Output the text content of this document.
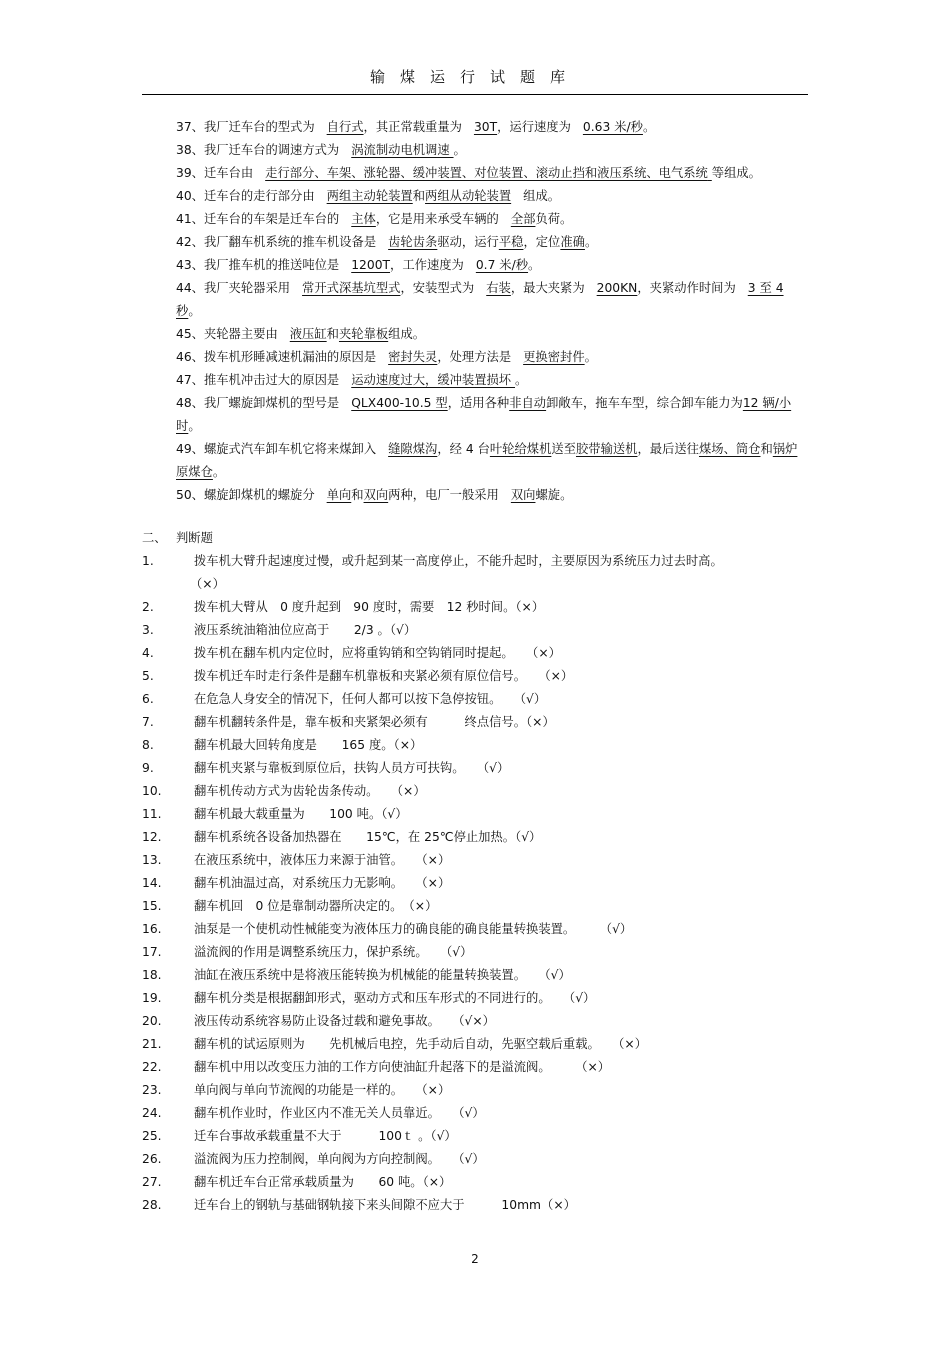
输煤运行试题库
37、我厂迁车台的型式为 自行式，其正常载重量为 30T，运行速度为 0.63 米/秒。
38、我厂迁车台的调速方式为 涡流制动电机调速 。
39、迁车台由 走行部分、车架、涨轮器、缓冲装置、对位装置、滚动止挡和液压系统、电气系统 等组成。
40、迁车台的走行部分由 两组主动轮装置和两组从动轮装置 组成。
41、迁车台的车架是迁车台的 主体，它是用来承受车辆的 全部负荷。
42、我厂翻车机系统的推车机设备是 齿轮齿条驱动，运行平稳，定位准确。
43、我厂推车机的推送吨位是 1200T，工作速度为 0.7 米/秒。
44、我厂夹轮器采用 常开式深基坑型式，安装型式为 右装，最大夹紧为 200KN，夹紧动作时间为 3 至 4 秒。
45、夹轮器主要由 液压缸和夹轮靠板组成。
46、拨车机形睡减速机漏油的原因是 密封失灵，处理方法是 更换密封件。
47、推车机冲击过大的原因是 运动速度过大，缓冲装置损坏 。
48、我厂螺旋卸煤机的型号是 QLX400-10.5 型，适用各种非自动卸敞车，拖车车型，综合卸车能力为12 辆/小时。
49、螺旋式汽车卸车机它将来煤卸入 缝隙煤沟，经 4 台叶轮给煤机送至胶带输送机，最后送往煤场、筒仓和锅炉原煤仓。
50、螺旋卸煤机的螺旋分 单向和双向两种，电厂一般采用 双向螺旋。
二、 判断题
1.	拨车机大臂升起速度过慢，或升起到某一高度停止，不能升起时，主要原因为系统压力过去时高。
（×）
2.	拨车机大臂从　0 度升起到　90 度时，需要　12 秒时间。（×）
3.	液压系统油箱油位应高于　　2/3 。（√）
4.	拨车机在翻车机内定位时，应将重钩销和空钩销同时提起。　　（×）
5.	拨车机迁车时走行条件是翻车机靠板和夹紧必须有原位信号。　　（×）
6.	在危急人身安全的情况下，任何人都可以按下急停按钮。　　（√）
7.	翻车机翻转条件是，靠车板和夹紧架必须有　　　终点信号。（×）
8.	翻车机最大回转角度是　　165 度。（×）
9.	翻车机夹紧与靠板到原位后，扶钩人员方可扶钩。　　（√）
10.	翻车机传动方式为齿轮齿条传动。　　（×）
11.	翻车机最大载重量为　　100 吨。（√）
12.	翻车机系统各设备加热器在　　15℃，在 25℃停止加热。（√）
13.	在液压系统中，液体压力来源于油管。　　（×）
14.	翻车机油温过高，对系统压力无影响。　　（×）
15.	翻车机回　0 位是靠制动器所决定的。　（×）
16.	油泵是一个使机动性械能变为液体压力的确良能的确良能量转换装置。　　　（√）
17.	溢流阀的作用是调整系统压力，保护系统。　　（√）
18.	油缸在液压系统中是将液压能转换为机械能的能量转换装置。　　（√）
19.	翻车机分类是根据翻卸形式，驱动方式和压车形式的不同进行的。　　（√）
20.	液压传动系统容易防止设备过载和避免事故。　　（√×）
21.	翻车机的试运原则为　　先机械后电控，先手动后自动，先驱空载后重载。　　（×）
22.	翻车机中用以改变压力油的工作方向使油缸升起落下的是溢流阀。　　　（×）
23.	单向阀与单向节流阀的功能是一样的。　　（×）
24.	翻车机作业时，作业区内不准无关人员靠近。　　（√）
25.	迁车台事故承载重量不大于　　　100ｔ 。（√）
26.	溢流阀为压力控制阀，单向阀为方向控制阀。　　（√）
27.	翻车机迁车台正常承载质量为　　60 吨。（×）
28.	迁车台上的钢轨与基础钢轨接下来头间隙不应大于　　　10mm（×）
2
